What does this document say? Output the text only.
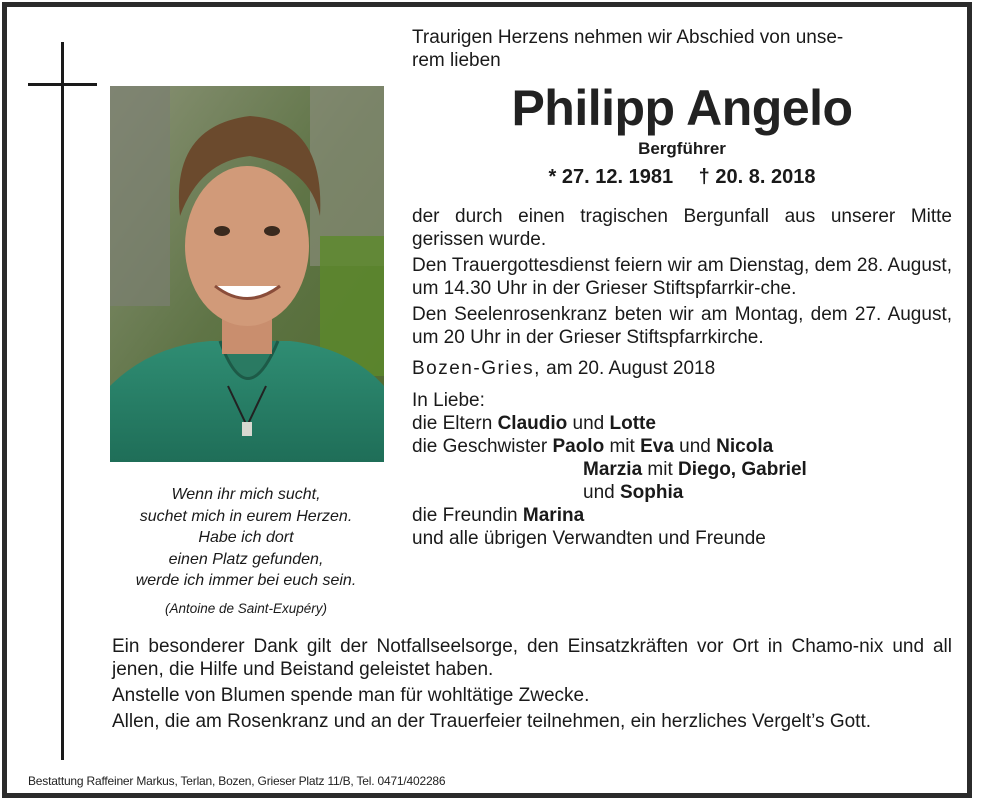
Wenn ihr mich sucht,
suchet mich in eurem Herzen.
Habe ich dort
einen Platz gefunden,
werde ich immer bei euch sein.
(Antoine de Saint-Exupéry)
Traurigen Herzens nehmen wir Abschied von unse-
rem lieben
Philipp Angelo
Bergführer
* 27. 12. 1981 † 20. 8. 2018

der durch einen tragischen Bergunfall aus unserer Mitte gerissen wurde.

Den Trauergottesdienst feiern wir am Dienstag, dem 28. August, um 14.30 Uhr in der Grieser Stiftspfarrkir-che.

Den Seelenrosenkranz beten wir am Montag, dem 27. August, um 20 Uhr in der Grieser Stiftspfarrkirche.

Bozen-Gries, am 20. August 2018
In Liebe:
die Eltern Claudio und Lotte
die Geschwister Paolo mit Eva und Nicola
Marzia mit Diego, Gabriel
und Sophia
die Freundin Marina
und alle übrigen Verwandten und Freunde

Ein besonderer Dank gilt der Notfallseelsorge, den Einsatzkräften vor Ort in Chamo-nix und all jenen, die Hilfe und Beistand geleistet haben.

Anstelle von Blumen spende man für wohltätige Zwecke.

Allen, die am Rosenkranz und an der Trauerfeier teilnehmen, ein herzliches Vergelt’s Gott.

Bestattung Raffeiner Markus, Terlan, Bozen, Grieser Platz 11/B, Tel. 0471/402286
